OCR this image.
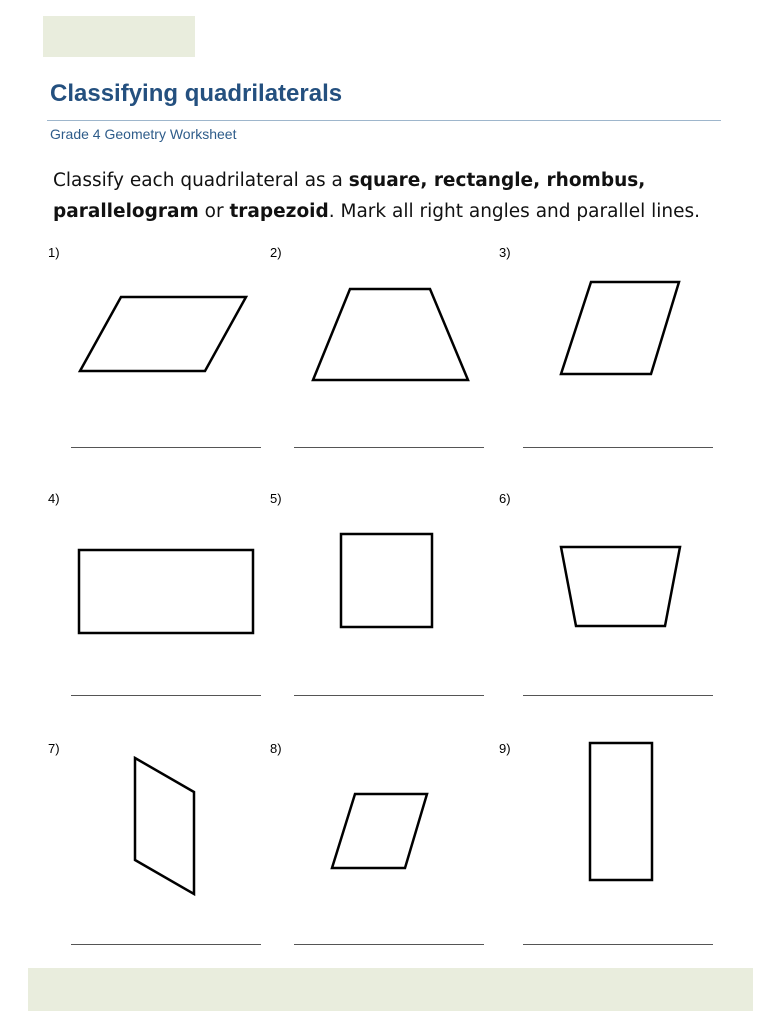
Classifying quadrilaterals
Grade 4 Geometry Worksheet

Classify each quadrilateral as a square, rectangle, rhombus,
parallelogram or trapezoid. Mark all right angles and parallel lines.

1)	2)	3)
4)	5)	6)
7)	8)	9)
